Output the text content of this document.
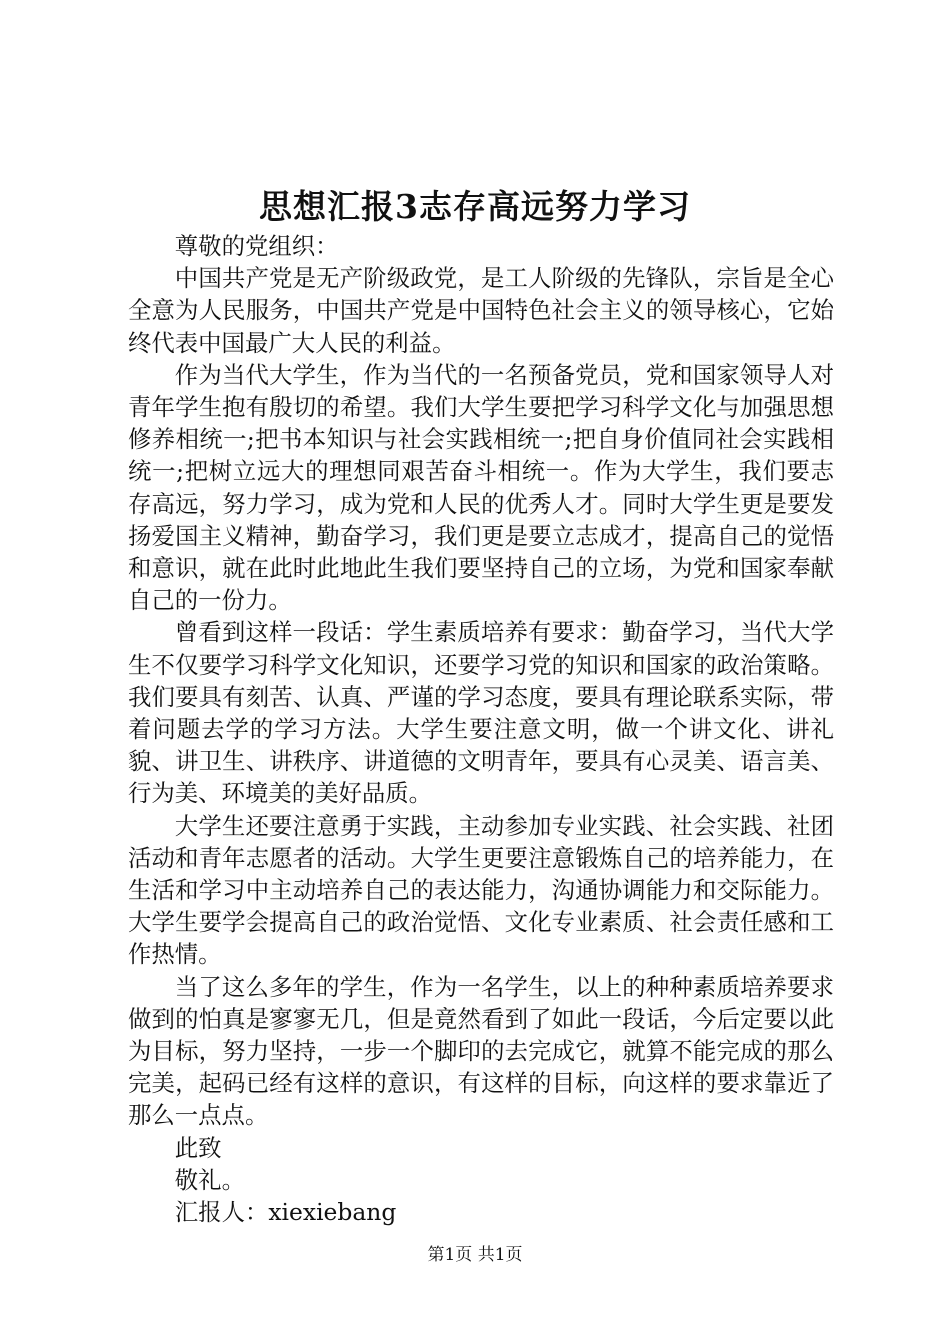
思想汇报3志存高远努力学习
尊敬的党组织：

中国共产党是无产阶级政党，是工人阶级的先锋队，宗旨是全心全意为人民服务，中国共产党是中国特色社会主义的领导核心，它始终代表中国最广大人民的利益。

作为当代大学生，作为当代的一名预备党员，党和国家领导人对青年学生抱有殷切的希望。我们大学生要把学习科学文化与加强思想修养相统一;把书本知识与社会实践相统一;把自身价值同社会实践相统一;把树立远大的理想同艰苦奋斗相统一。作为大学生，我们要志存高远，努力学习，成为党和人民的优秀人才。同时大学生更是要发扬爱国主义精神，勤奋学习，我们更是要立志成才，提高自己的觉悟和意识，就在此时此地此生我们要坚持自己的立场，为党和国家奉献自己的一份力。

曾看到这样一段话：学生素质培养有要求：勤奋学习，当代大学生不仅要学习科学文化知识，还要学习党的知识和国家的政治策略。我们要具有刻苦、认真、严谨的学习态度，要具有理论联系实际，带着问题去学的学习方法。大学生要注意文明，做一个讲文化、讲礼貌、讲卫生、讲秩序、讲道德的文明青年，要具有心灵美、语言美、行为美、环境美的美好品质。

大学生还要注意勇于实践，主动参加专业实践、社会实践、社团活动和青年志愿者的活动。大学生更要注意锻炼自己的培养能力，在生活和学习中主动培养自己的表达能力，沟通协调能力和交际能力。大学生要学会提高自己的政治觉悟、文化专业素质、社会责任感和工作热情。

当了这么多年的学生，作为一名学生，以上的种种素质培养要求做到的怕真是寥寥无几，但是竟然看到了如此一段话，今后定要以此为目标，努力坚持，一步一个脚印的去完成它，就算不能完成的那么完美，起码已经有这样的意识，有这样的目标，向这样的要求靠近了那么一点点。

此致
敬礼。
汇报人：xiexiebang
第1页 共1页
